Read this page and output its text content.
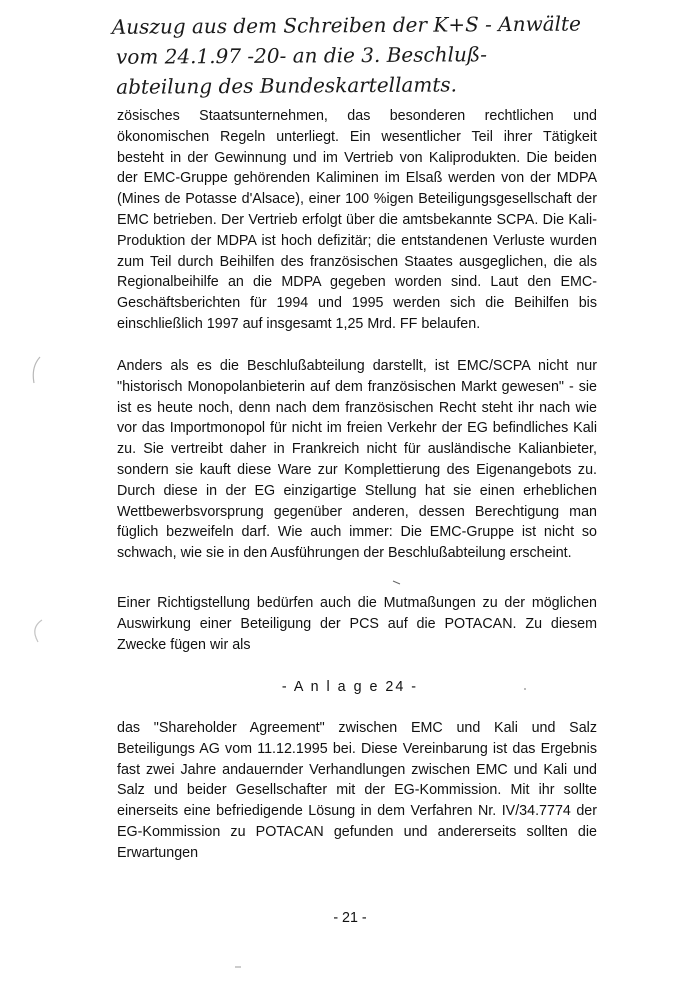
Auszug aus dem Schreiben der K+S - Anwälte
vom 24.1.97 -20- an die 3. Beschluß-
abteilung des Bundeskartellamts.

zösisches Staatsunternehmen, das besonderen rechtlichen und ökonomischen Regeln unterliegt. Ein wesentlicher Teil ihrer Tätigkeit besteht in der Gewinnung und im Vertrieb von Kaliprodukten. Die beiden der EMC-Gruppe gehörenden Kaliminen im Elsaß werden von der MDPA (Mines de Potasse d'Alsace), einer 100 %igen Beteiligungsgesellschaft der EMC betrieben. Der Vertrieb erfolgt über die amtsbekannte SCPA. Die Kali-Produktion der MDPA ist hoch defizitär; die entstandenen Verluste wurden zum Teil durch Beihilfen des französischen Staates ausgeglichen, die als Regionalbeihilfe an die MDPA gegeben worden sind. Laut den EMC-Geschäftsberichten für 1994 und 1995 werden sich die Beihilfen bis einschließlich 1997 auf insgesamt 1,25 Mrd. FF belaufen.

Anders als es die Beschlußabteilung darstellt, ist EMC/SCPA nicht nur "historisch Monopolanbieterin auf dem französischen Markt gewesen" - sie ist es heute noch, denn nach dem französischen Recht steht ihr nach wie vor das Importmonopol für nicht im freien Verkehr der EG befindliches Kali zu. Sie vertreibt daher in Frankreich nicht für ausländische Kalianbieter, sondern sie kauft diese Ware zur Komplettierung des Eigenangebots zu. Durch diese in der EG einzigartige Stellung hat sie einen erheblichen Wettbewerbsvorsprung gegenüber anderen, dessen Berechtigung man füglich bezweifeln darf. Wie auch immer: Die EMC-Gruppe ist nicht so schwach, wie sie in den Ausführungen der Beschlußabteilung erscheint.

Einer Richtigstellung bedürfen auch die Mutmaßungen zu der möglichen Auswirkung einer Beteiligung der PCS auf die POTACAN. Zu diesem Zwecke fügen wir als

- A n l a g e 24 -

das "Shareholder Agreement" zwischen EMC und Kali und Salz Beteiligungs AG vom 11.12.1995 bei. Diese Vereinbarung ist das Ergebnis fast zwei Jahre andauernder Verhandlungen zwischen EMC und Kali und Salz und beider Gesellschafter mit der EG-Kommission. Mit ihr sollte einerseits eine befriedigende Lösung in dem Verfahren Nr. IV/34.7774 der EG-Kommission zu POTACAN gefunden und andererseits sollten die Erwartungen

- 21 -
